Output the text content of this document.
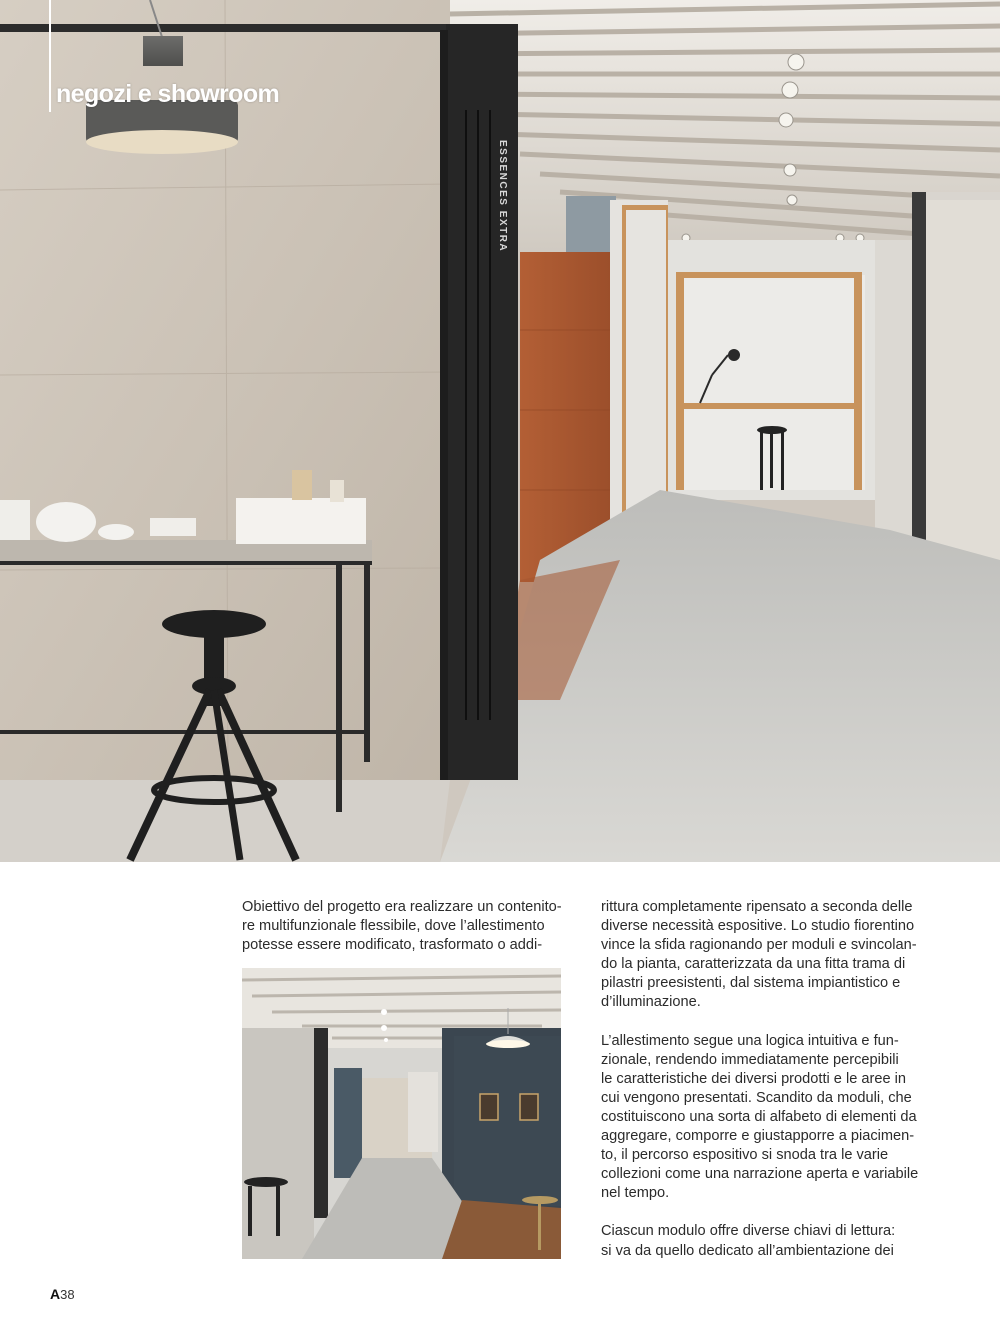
ESSENCES EXTRA
negozi e showroom

Obiettivo del progetto era realizzare un contenito-
re multifunzionale flessibile, dove l’allestimento
potesse essere modificato, trasformato o addi-

rittura completamente ripensato a seconda delle
diverse necessità espositive. Lo studio fiorentino
vince la sfida ragionando per moduli e svincolan-
do la pianta, caratterizzata da una fitta trama di
pilastri preesistenti, dal sistema impiantistico e
d’illuminazione.

L’allestimento segue una logica intuitiva e fun-
zionale, rendendo immediatamente percepibili
le caratteristiche dei diversi prodotti e le aree in
cui vengono presentati. Scandito da moduli, che
costituiscono una sorta di alfabeto di elementi da
aggregare, comporre e giustapporre a piacimen-
to, il percorso espositivo si snoda tra le varie
collezioni come una narrazione aperta e variabile
nel tempo.

Ciascun modulo offre diverse chiavi di lettura:
si va da quello dedicato all’ambientazione dei

A38
